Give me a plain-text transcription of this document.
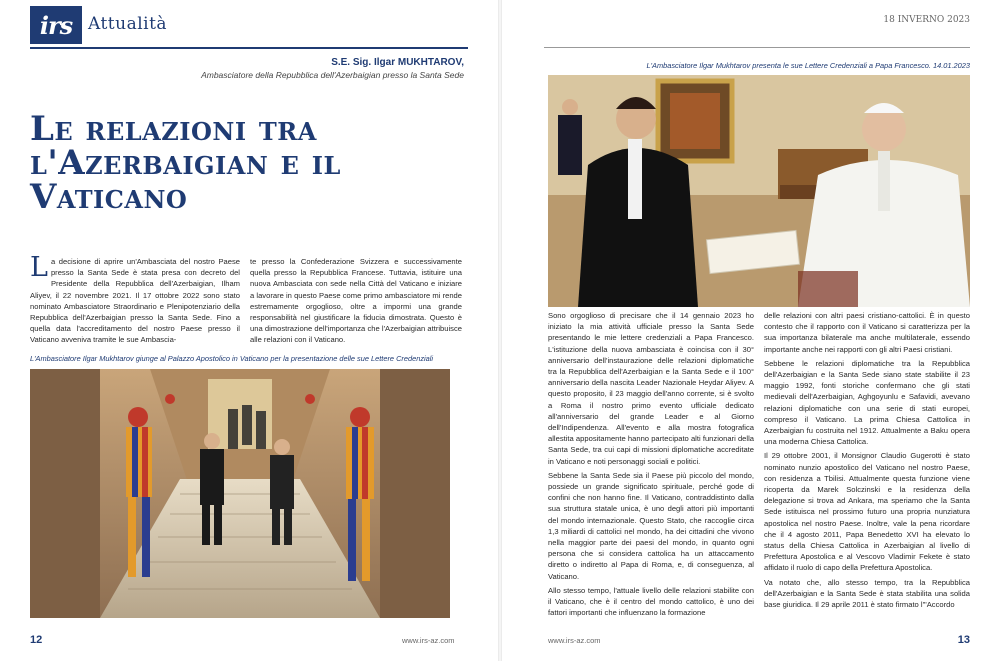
irs Attualità
S.E. Sig. Ilgar MUKHTAROV,
Ambasciatore della Repubblica dell'Azerbaigian presso la Santa Sede
Le relazioni tra l'Azerbaigian e il Vaticano
La decisione di aprire un'Ambasciata del nostro Paese presso la Santa Sede è stata presa con decreto del Presidente della Repubblica dell'Azerbaigian, Ilham Aliyev, il 22 novembre 2021. Il 17 ottobre 2022 sono stato nominato Ambasciatore Straordinario e Plenipotenziario della Repubblica dell'Azerbaigian presso la Santa Sede. Fino a quella data l'accreditamento del nostro Paese presso il Vaticano avveniva tramite le sue Ambascia-
te presso la Confederazione Svizzera e successivamente quella presso la Repubblica Francese. Tuttavia, istituire una nuova Ambasciata con sede nella Città del Vaticano e iniziare a lavorare in questo Paese come primo ambasciatore mi rende estremamente orgoglioso, oltre a impormi una grande responsabilità nel giustificare la fiducia dimostrata. Questo è una dimostrazione dell'importanza che l'Azerbaigian attribuisce alle relazioni con il Vaticano.
L'Ambasciatore Ilgar Mukhtarov giunge al Palazzo Apostolico in Vaticano per la presentazione delle sue Lettere Credenziali
12	www.irs-az.com
18 INVERNO 2023
L'Ambasciatore Ilgar Mukhtarov presenta le sue Lettere Credenziali a Papa Francesco. 14.01.2023

Sono orgoglioso di precisare che il 14 gennaio 2023 ho iniziato la mia attività ufficiale presso la Santa Sede presentando le mie lettere credenziali a Papa Francesco. L'istituzione della nuova ambasciata è coincisa con il 30° anniversario dell'instaurazione delle relazioni diplomatiche tra la Repubblica dell'Azerbaigian e la Santa Sede e il 100° anniversario della nascita Leader Nazionale Heydar Aliyev. A questo proposito, il 23 maggio dell'anno corrente, si è svolto a Roma il nostro primo evento ufficiale dedicato all'anniversario del grande Leader e al Giorno dell'Indipendenza. All'evento e alla mostra fotografica allestita appositamente hanno partecipato alti funzionari della Santa Sede, tra cui capi di missioni diplomatiche accreditate in Vaticano e noti personaggi sociali e politici.

Sebbene la Santa Sede sia il Paese più piccolo del mondo, possiede un grande significato spirituale, perché gode di confini che non hanno fine. Il Vaticano, contraddistinto dalla sua struttura statale unica, è uno degli attori più importanti del mondo internazionale. Questo Stato, che raccoglie circa 1,3 miliardi di cattolici nel mondo, ha dei cittadini che vivono nella maggior parte dei paesi del mondo, in quanto ogni persona che si considera cattolica ha un attaccamento diretto o indiretto al Papa di Roma, e, di conseguenza, al Vaticano.

Allo stesso tempo, l'attuale livello delle relazioni stabilite con il Vaticano, che è il centro del mondo cattolico, è uno dei fattori importanti che influenzano la formazione

delle relazioni con altri paesi cristiano-cattolici. È in questo contesto che il rapporto con il Vaticano si caratterizza per la sua importanza bilaterale ma anche multilaterale, essendo importante anche nei rapporti con gli altri Paesi cristiani.

Sebbene le relazioni diplomatiche tra la Repubblica dell'Azerbaigian e la Santa Sede siano state stabilite il 23 maggio 1992, fonti storiche confermano che gli stati medievali dell'Azerbaigian, Aghgoyunlu e Safavidi, avevano relazioni diplomatiche con una serie di stati europei, compreso il Vaticano. La prima Chiesa Cattolica in Azerbaigian fu costruita nel 1912. Attualmente a Baku opera una moderna Chiesa Cattolica.

Il 29 ottobre 2001, il Monsignor Claudio Gugerotti è stato nominato nunzio apostolico del Vaticano nel nostro Paese, con residenza a Tbilisi. Attualmente questa funzione viene ricoperta da Marek Solczinski e la residenza della delegazione si trova ad Ankara, ma speriamo che la Santa Sede istituisca nel prossimo futuro una propria nunziatura apostolica nel nostro Paese. Inoltre, vale la pena ricordare che il 4 agosto 2011, Papa Benedetto XVI ha elevato lo status della Chiesa Cattolica in Azerbaigian al livello di Prefettura Apostolica e al Vescovo Vladimir Fekete è stato affidato il ruolo di capo della Prefettura Apostolica.

Va notato che, allo stesso tempo, tra la Repubblica dell'Azerbaigian e la Santa Sede è stata stabilita una solida base giuridica. Il 29 aprile 2011 è stato firmato l'"Accordo

www.irs-az.com	13
